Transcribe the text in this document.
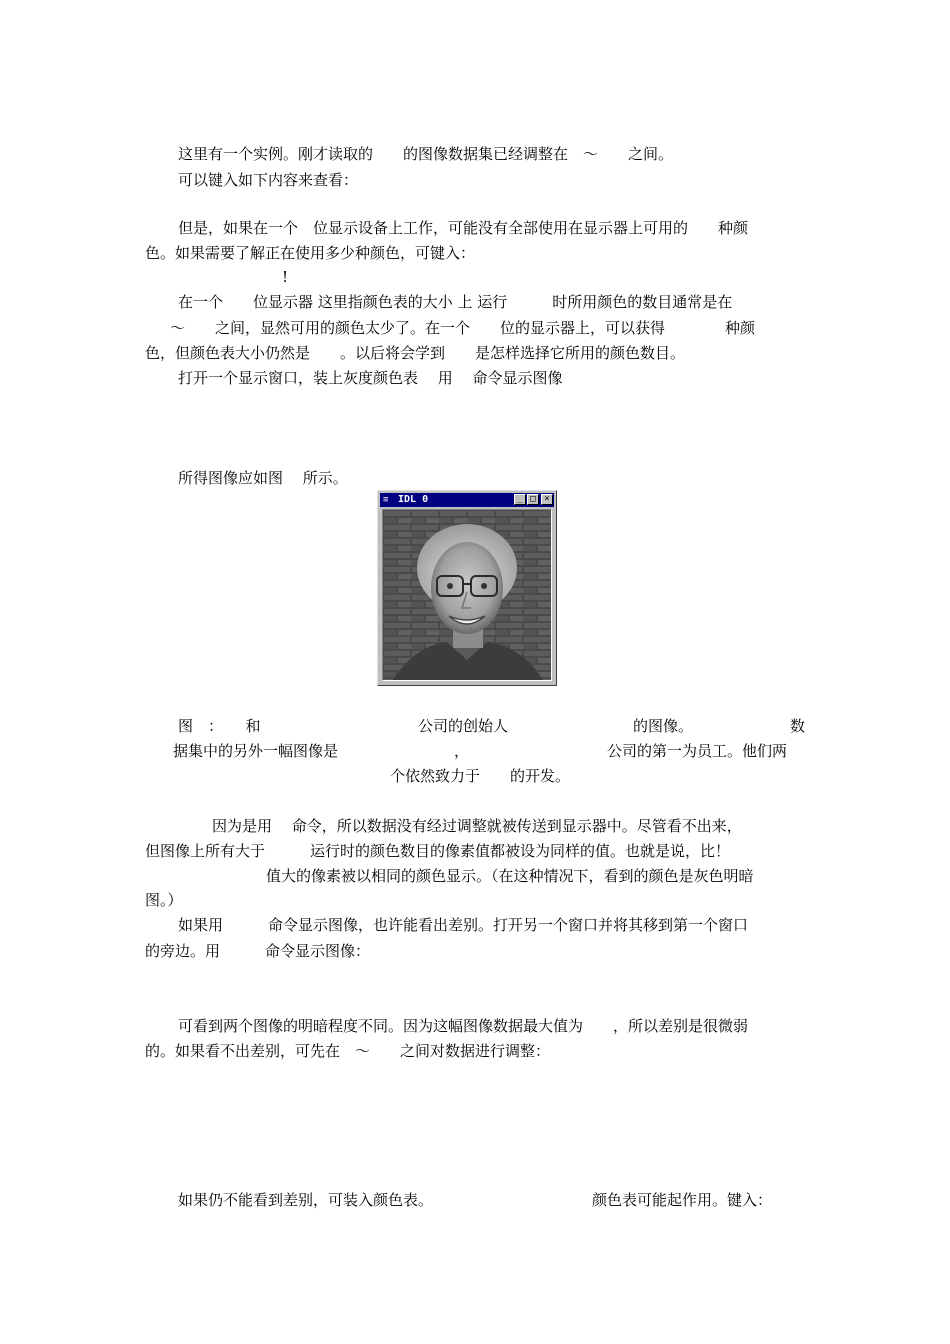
这里有一个实例。刚才读取的　　的图像数据集已经调整在　～　　之间。

可以键入如下内容来查看：

但是，如果在一个　位显示设备上工作，可能没有全部使用在显示器上可用的　　种颜

色。如果需要了解正在使用多少种颜色，可键入：

!

在一个　　位显示器 这里指颜色表的大小 上 运行　　　时所用颜色的数目通常是在

～　　之间，显然可用的颜色太少了。在一个　　位的显示器上，可以获得　　　　种颜

色，但颜色表大小仍然是　　。以后将会学到　　是怎样选择它所用的颜色数目。

打开一个显示窗口，装上灰度颜色表　 用　 命令显示图像

所得图像应如图　 所示。

≡ IDL 0	_ □ ×

图　：　　和	公司的创始人	的图像。	数

据集中的另外一幅图像是	，	公司的第一为员工。他们两

个依然致力于　　的开发。

因为是用　 命令，所以数据没有经过调整就被传送到显示器中。尽管看不出来，

但图像上所有大于　　　运行时的颜色数目的像素值都被设为同样的值。也就是说，比！

值大的像素被以相同的颜色显示。（在这种情况下，看到的颜色是灰色明暗

图。）

如果用　　　命令显示图像，也许能看出差别。打开另一个窗口并将其移到第一个窗口

的旁边。用　　　命令显示图像：

可看到两个图像的明暗程度不同。因为这幅图像数据最大值为　　，所以差别是很微弱

的。如果看不出差别，可先在　～　　之间对数据进行调整：

如果仍不能看到差别，可装入颜色表。	颜色表可能起作用。键入：
